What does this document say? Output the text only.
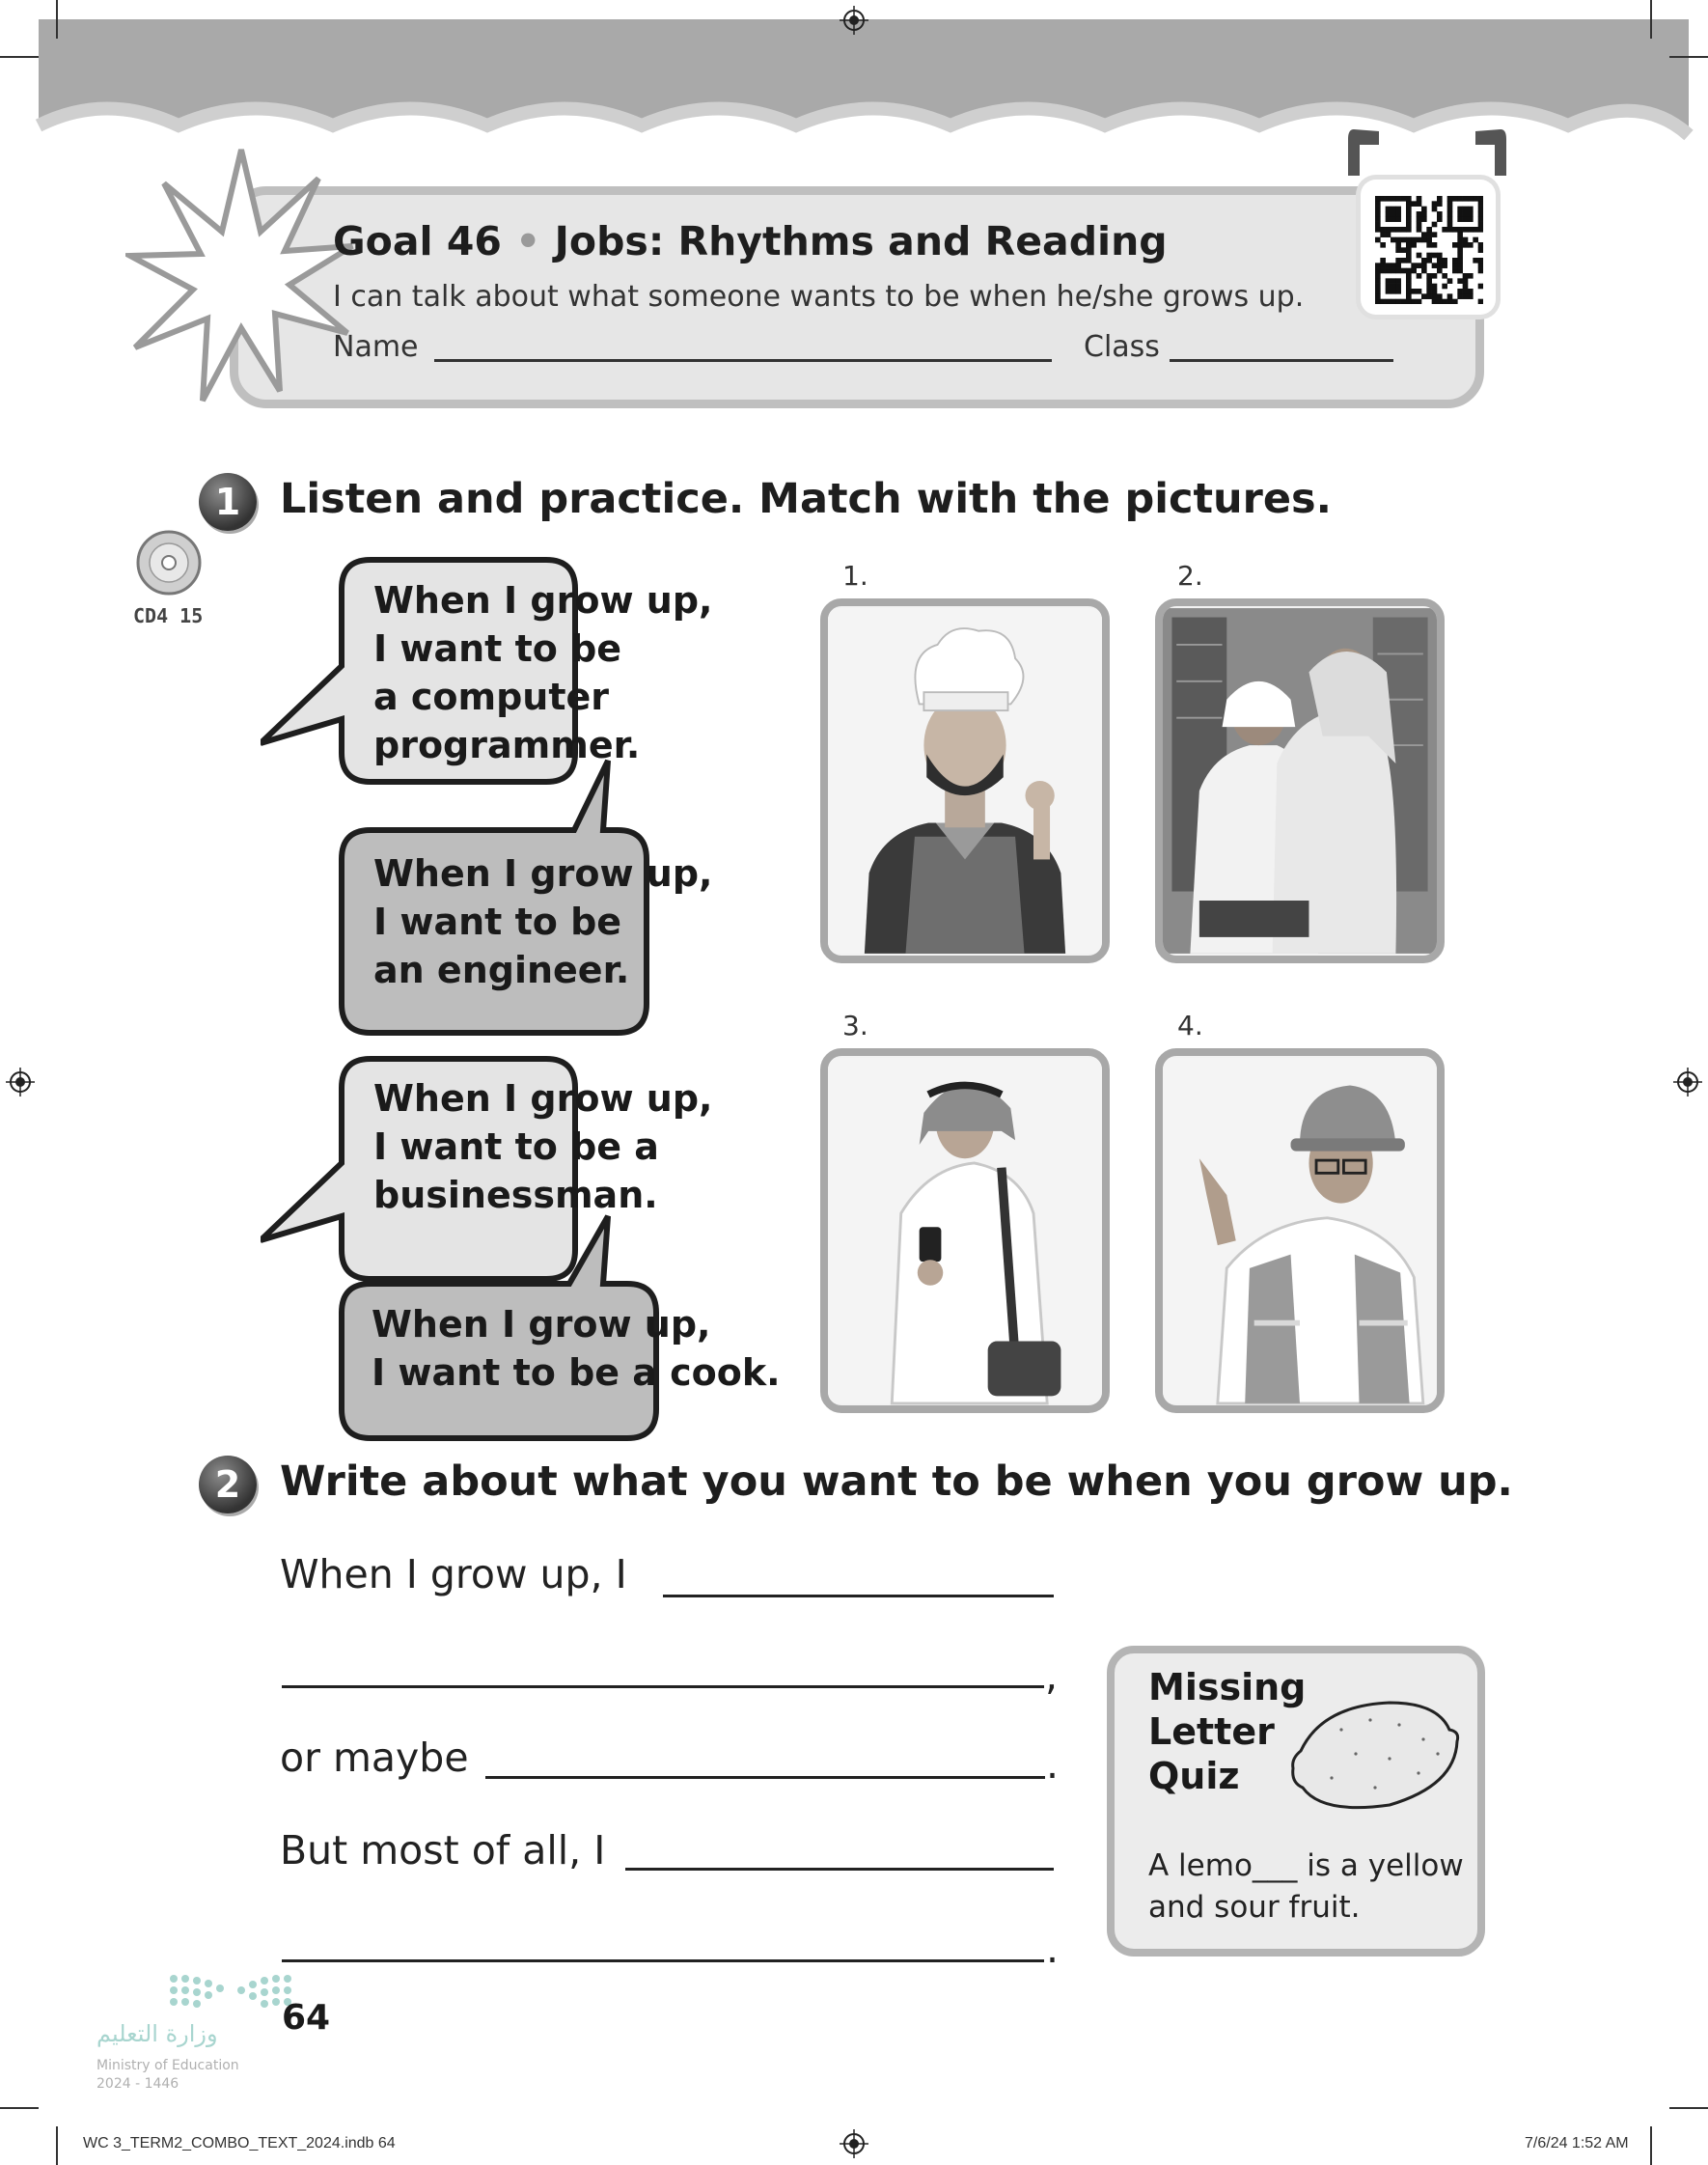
Goal 46 • Jobs: Rhythms and Reading
I can talk about what someone wants to be when he/she grows up.
Name	Class
1 Listen and practice. Match with the pictures.
CD4 15	When I grow up,
I want to be
a computer
programmer.
When I grow up,
I want to be
an engineer.
When I grow up,
I want to be a
businessman.
When I grow up,
I want to be a cook.
1.	2.
3.	4.
2 Write about what you want to be when you grow up.
When I grow up, I
,
or maybe	.
But most of all, I
.
Missing
Letter
Quiz
A lemo___ is a yellow
and sour fruit.
وزارة التعليم
Ministry of Education
2024 - 1446
64
WC 3_TERM2_COMBO_TEXT_2024.indb 64	7/6/24 1:52 AM
